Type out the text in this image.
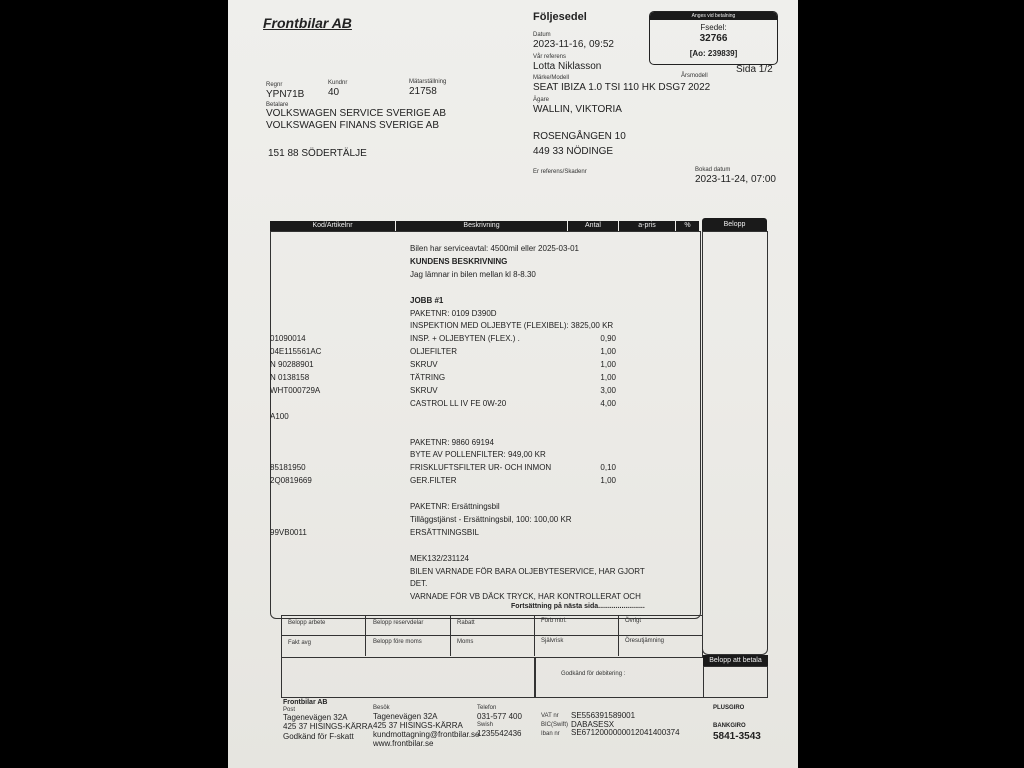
Frontbilar AB	Följesedel	Anges vid betalning
Fsedel:
32766
[Ao: 239839]
Datum
2023-11-16, 09:52
Vår referens
Lotta Niklasson	Sida 1/2
Märke/Modell
SEAT IBIZA 1.0 TSI 110 HK DSG7
Årsmodell
2022
Ägare
WALLIN, VIKTORIA
ROSENGÅNGEN 10
449 33 NÖDINGE
Er referens/Skadenr	Bokad datum
2023-11-24, 07:00
Regnr
YPN71B
Kundnr
40
Mätarställning
21758
Betalare
VOLKSWAGEN SERVICE SVERIGE AB
VOLKSWAGEN FINANS SVERIGE AB
151 88 SÖDERTÄLJE
Kod/Artikelnr	Beskrivning	Antal	a-pris	%	Belopp
Bilen har serviceavtal: 4500mil eller 2025-03-01
KUNDENS BESKRIVNING
Jag lämnar in bilen mellan kl 8-8.30
JOBB #1
PAKETNR: 0109 D390D
INSPEKTION MED OLJEBYTE (FLEXIBEL): 3825,00 KR
01090014	INSP. + OLJEBYTEN (FLEX.) .	0,90
04E115561AC	OLJEFILTER	1,00
N 90288901	SKRUV	1,00
N 0138158	TÄTRING	1,00
WHT000729A	SKRUV	3,00
CASTROL LL IV FE 0W-20	4,00
A100
PAKETNR: 9860 69194
BYTE AV POLLENFILTER: 949,00 KR
85181950	FRISKLUFTSFILTER UR- OCH INMON	0,10
2Q0819669	GER.FILTER	1,00
PAKETNR: Ersättningsbil
Tilläggstjänst - Ersättningsbil, 100: 100,00 KR
99VB0011	ERSÄTTNINGSBIL
MEK132/231124
BILEN VARNADE FÖR BARA OLJEBYTESERVICE, HAR GJORT
DET.
VARNADE FÖR VB DÄCK TRYCK, HAR KONTROLLERAT OCH
Fortsättning på nästa sida........................
Belopp arbete	Belopp reservdelar	Rabatt	Förb mtrl.	Övrigt
Fakt avg	Belopp före moms	Moms	Självrisk	Öresutjämning
Godkänd för debitering :
Belopp att betala
Frontbilar AB
Post
Tagenevägen 32A
425 37 HISINGS-KÄRRA
Godkänd för F-skatt
Besök
Tagenevägen 32A
425 37 HISINGS-KÄRRA
kundmottagning@frontbilar.se
www.frontbilar.se
Telefon
031-577 400
Swish
1235542436
VAT nr SE556391589001
BIC(Swift) DABASESX
Iban nr SE6712000000012041400374
PLUSGIRO
BANKGIRO
5841-3543
